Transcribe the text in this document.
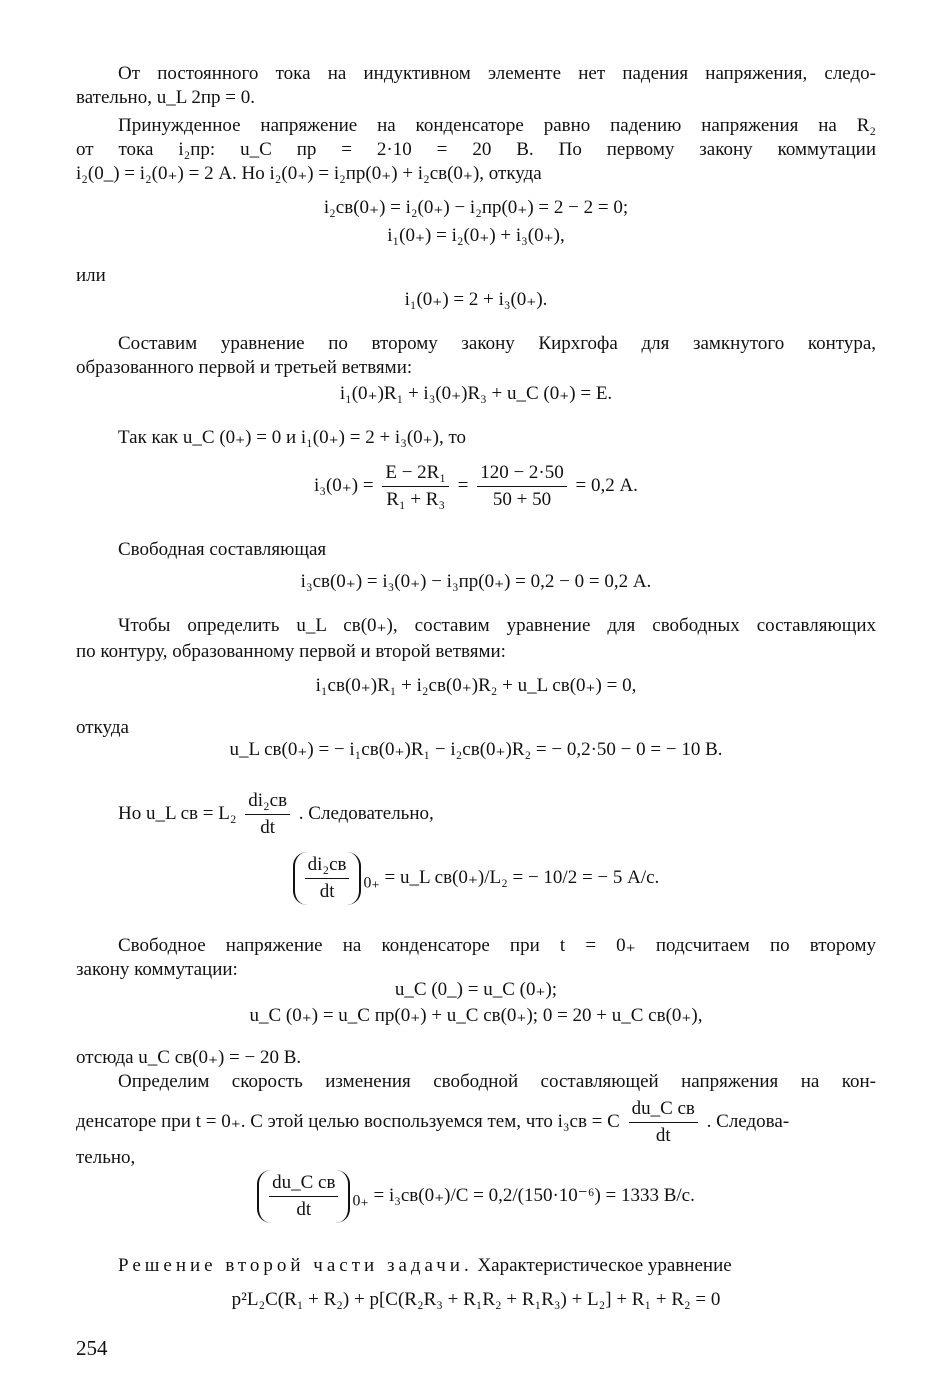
От постоянного тока на индуктивном элементе нет падения напряжения, следо-
вательно, u_L 2пр = 0.
Принужденное напряжение на конденсаторе равно падению напряжения на R₂
от тока i₂пр: u_C пр = 2·10 = 20 В. По первому закону коммутации
i₂(0_) = i₂(0₊) = 2 А. Но i₂(0₊) = i₂пр(0₊) + i₂св(0₊), откуда
i₂св(0₊) = i₂(0₊) − i₂пр(0₊) = 2 − 2 = 0;
i₁(0₊) = i₂(0₊) + i₃(0₊),
или
i₁(0₊) = 2 + i₃(0₊).
Составим уравнение по второму закону Кирхгофа для замкнутого контура,
образованного первой и третьей ветвями:
i₁(0₊)R₁ + i₃(0₊)R₃ + u_C (0₊) = E.
Так как u_C (0₊) = 0 и i₁(0₊) = 2 + i₃(0₊), то
$i_3(0_+) = \frac{\text{E − 2R₁}}{\text{R₁ + R₃}} = \frac{120 - 2\cdot 50}{50 + 50} = 0,2$ А.
Свободная составляющая
i₃св(0₊) = i₃(0₊) − i₃пр(0₊) = 0,2 − 0 = 0,2 А.
Чтобы определить u_L св(0₊), составим уравнение для свободных составляющих
по контуру, образованному первой и второй ветвями:
i₁св(0₊)R₁ + i₂св(0₊)R₂ + u_L св(0₊) = 0,
откуда
u_L св(0₊) = − i₁св(0₊)R₁ − i₂св(0₊)R₂ = − 0,2·50 − 0 = − 10 В.
Но u_L св = L₂
di₂св
dt
. Следовательно,
di₂св
dt	$_{0_+}$ = u_L св(0₊)/L₂ = − 10/2 = − 5 А/с.
Свободное напряжение на конденсаторе при t = 0₊ подсчитаем по второму
закону коммутации:
u_C (0_) = u_C (0₊);
u_C (0₊) = u_C пр(0₊) + u_C св(0₊); 0 = 20 + u_C св(0₊),
отсюда u_C св(0₊) = − 20 В.
Определим скорость изменения свободной составляющей напряжения на кон-
денсаторе при t = 0₊. С этой целью воспользуемся тем, что i₃св = C
du_C св
dt
. Следова-
тельно,
du_C св
dt	$_{0_+}$ = i₃св(0₊)/C = 0,2/(150·10⁻⁶) = 1333 В/с.
Решение второй части задачи. Характеристическое уравнение
p²L₂C(R₁ + R₂) + p[C(R₂R₃ + R₁R₂ + R₁R₃) + L₂] + R₁ + R₂ = 0
254
